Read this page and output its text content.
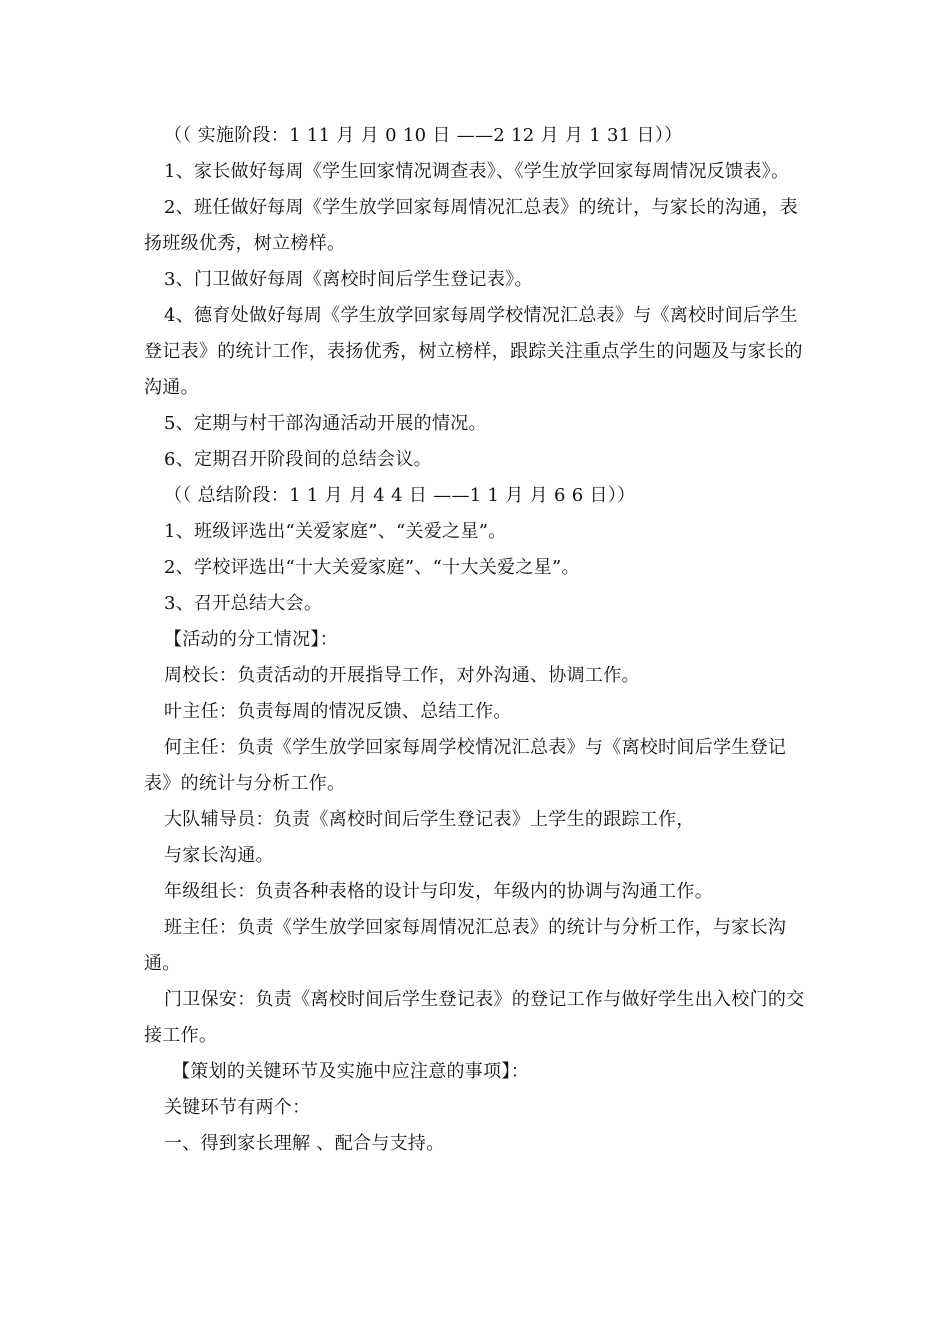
（（ 实施阶段：1 11 月 月 0 10 日 ——2 12 月 月 1 31 日））

1、家长做好每周《学生回家情况调查表》、《学生放学回家每周情况反馈表》。

2、班任做好每周《学生放学回家每周情况汇总表》的统计，与家长的沟通，表扬班级优秀，树立榜样。

3、门卫做好每周《离校时间后学生登记表》。

4、德育处做好每周《学生放学回家每周学校情况汇总表》与《离校时间后学生登记表》的统计工作，表扬优秀，树立榜样，跟踪关注重点学生的问题及与家长的沟通。

5、定期与村干部沟通活动开展的情况。

6、定期召开阶段间的总结会议。

（（ 总结阶段：1 1 月 月 4 4 日 ——1 1 月 月 6 6 日））

1、班级评选出“关爱家庭”、“关爱之星”。

2、学校评选出“十大关爱家庭”、“十大关爱之星”。

3、召开总结大会。

【活动的分工情况】：

周校长：负责活动的开展指导工作，对外沟通、协调工作。

叶主任：负责每周的情况反馈、总结工作。

何主任：负责《学生放学回家每周学校情况汇总表》与《离校时间后学生登记表》的统计与分析工作。

大队辅导员：负责《离校时间后学生登记表》上学生的跟踪工作，

与家长沟通。

年级组长：负责各种表格的设计与印发，年级内的协调与沟通工作。

班主任：负责《学生放学回家每周情况汇总表》的统计与分析工作，与家长沟通。

门卫保安：负责《离校时间后学生登记表》的登记工作与做好学生出入校门的交接工作。

【策划的关键环节及实施中应注意的事项】：

关键环节有两个：

一、得到家长理解 、配合与支持。
